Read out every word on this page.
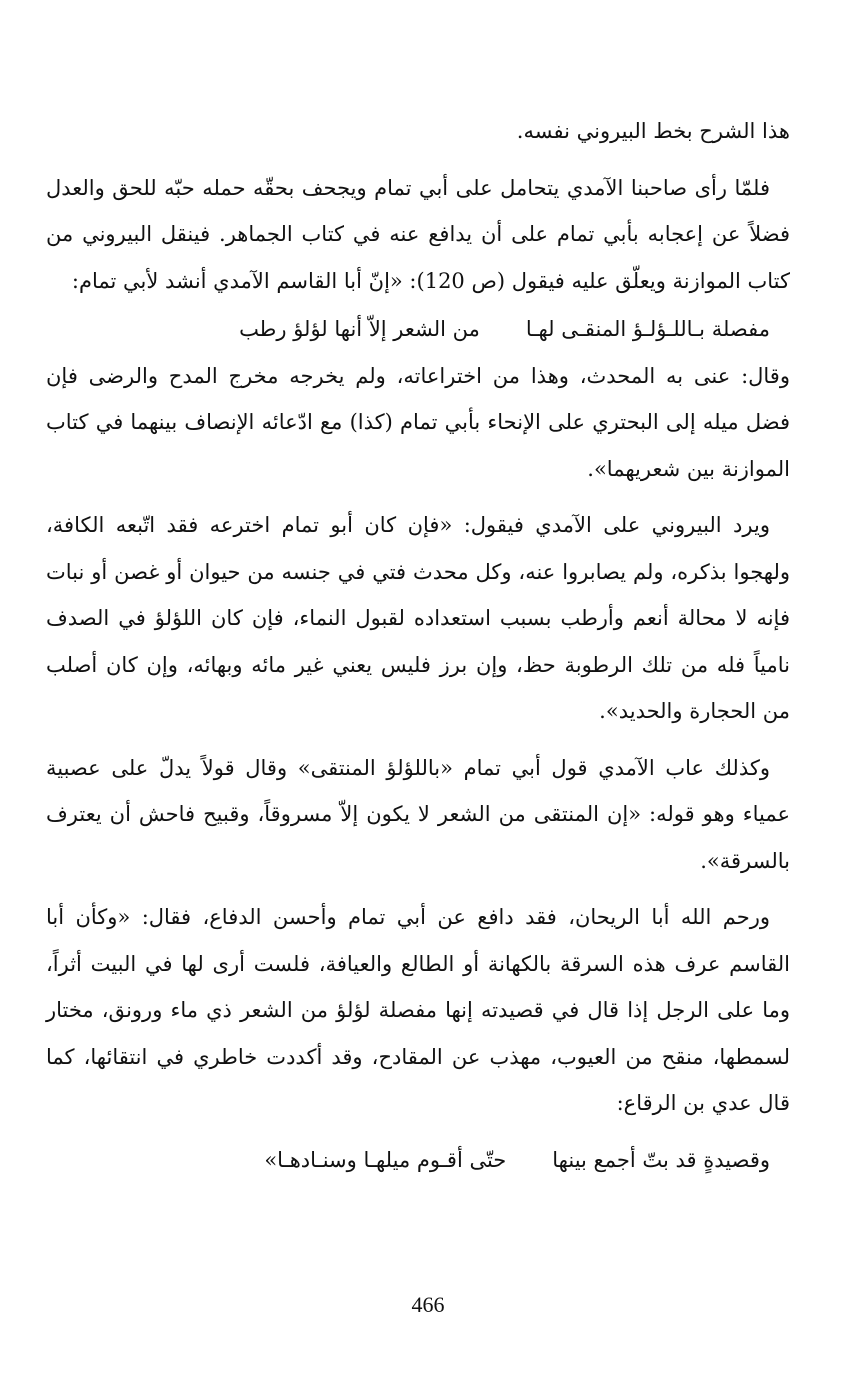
هذا الشرح بخط البيروني نفسه.

فلمّا رأى صاحبنا الآمدي يتحامل على أبي تمام ويجحف بحقّه حمله حبّه للحق والعدل فضلاً عن إعجابه بأبي تمام على أن يدافع عنه في كتاب الجماهر. فينقل البيروني من كتاب الموازنة ويعلّق عليه فيقول (ص 120): «إنّ أبا القاسم الآمدي أنشد لأبي تمام:

مفصلة بـاللـؤلـؤ المنقـى لهـا
من الشعر إلاّ أنها لؤلؤ رطب

وقال: عنى به المحدث، وهذا من اختراعاته، ولم يخرجه مخرج المدح والرضى فإن فضل ميله إلى البحتري على الإنحاء بأبي تمام (كذا) مع ادّعائه الإنصاف بينهما في كتاب الموازنة بين شعريهما».

ويرد البيروني على الآمدي فيقول: «فإن كان أبو تمام اخترعه فقد اتّبعه الكافة، ولهجوا بذكره، ولم يصابروا عنه، وكل محدث فتي في جنسه من حيوان أو غصن أو نبات فإنه لا محالة أنعم وأرطب بسبب استعداده لقبول النماء، فإن كان اللؤلؤ في الصدف نامياً فله من تلك الرطوبة حظ، وإن برز فليس يعني غير مائه وبهائه، وإن كان أصلب من الحجارة والحديد».

وكذلك عاب الآمدي قول أبي تمام «باللؤلؤ المنتقى» وقال قولاً يدلّ على عصبية عمياء وهو قوله: «إن المنتقى من الشعر لا يكون إلاّ مسروقاً، وقبيح فاحش أن يعترف بالسرقة».

ورحم الله أبا الريحان، فقد دافع عن أبي تمام وأحسن الدفاع، فقال: «وكأن أبا القاسم عرف هذه السرقة بالكهانة أو الطالع والعيافة، فلست أرى لها في البيت أثراً، وما على الرجل إذا قال في قصيدته إنها مفصلة لؤلؤ من الشعر ذي ماء ورونق، مختار لسمطها، منقح من العيوب، مهذب عن المقادح، وقد أكددت خاطري في انتقائها، كما قال عدي بن الرقاع:

وقصيدةٍ قد بتّ أجمع بينها
حتّى أقـوم ميلهـا وسنـادهـا»
466
